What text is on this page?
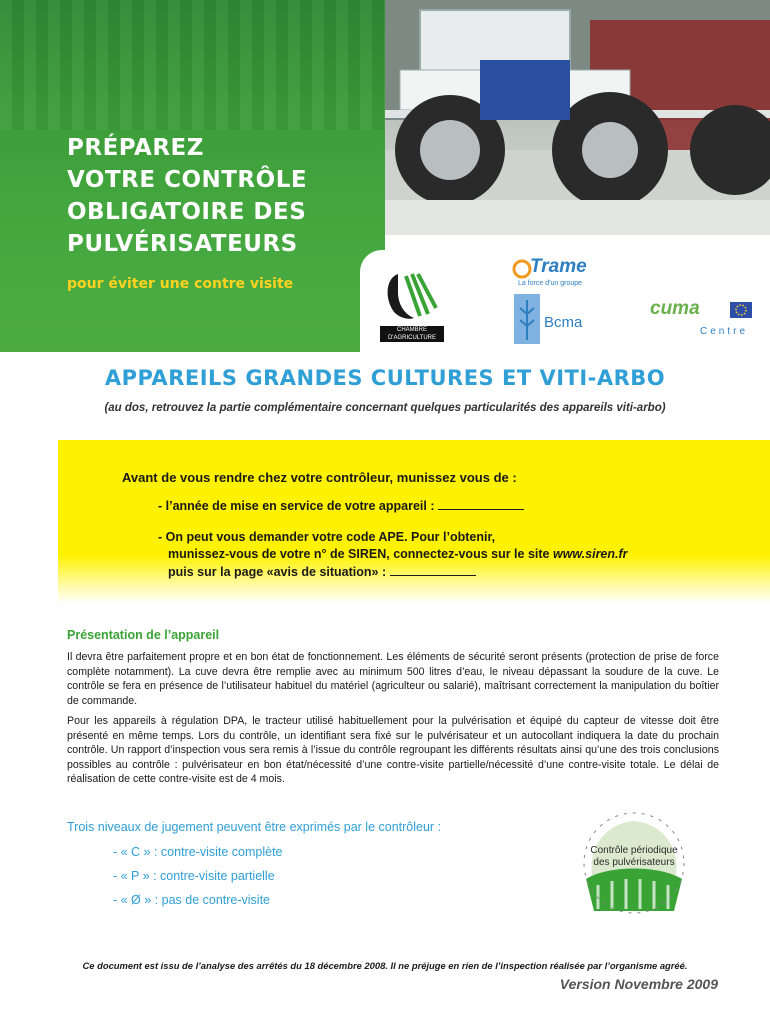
PRÉPAREZ
VOTRE CONTRÔLE
OBLIGATOIRE DES
PULVÉRISATEURS
pour éviter une contre visite
CHAMBRE D'AGRICULTURE
Trame
La force d'un groupe
Bcma
cuma
Centre
APPAREILS GRANDES CULTURES ET VITI-ARBO
(au dos, retrouvez la partie complémentaire concernant quelques particularités des appareils viti-arbo)
Avant de vous rendre chez votre contrôleur, munissez vous de :
- l’année de mise en service de votre appareil :
- On peut vous demander votre code APE. Pour l’obtenir,
munissez-vous de votre n° de SIREN, connectez-vous sur le site www.siren.fr
puis sur la page «avis de situation» :
Présentation de l’appareil

Il devra être parfaitement propre et en bon état de fonctionnement. Les éléments de sécurité seront présents (protection de prise de force complète notamment). La cuve devra être remplie avec au minimum 500 litres d’eau, le niveau dépassant la soudure de la cuve. Le contrôle se fera en présence de l’utilisateur habituel du matériel (agriculteur ou salarié), maîtrisant correctement la manipulation du boîtier de commande.

Pour les appareils à régulation DPA, le tracteur utilisé habituellement pour la pulvérisation et équipé du capteur de vitesse doit être présenté en même temps. Lors du contrôle, un identifiant sera fixé sur le pulvérisateur et un autocollant indiquera la date du prochain contrôle. Un rapport d’inspection vous sera remis à l’issue du contrôle regroupant les différents résultats ainsi qu’une des trois conclusions possibles au contrôle : pulvérisateur en bon état/nécessité d’une contre-visite partielle/nécessité d’une contre-visite totale. Le délai de réalisation de cette contre-visite est de 4 mois.

Trois niveaux de jugement peuvent être exprimés par le contrôleur :
- « C » : contre-visite complète
- « P » : contre-visite partielle
- « Ø » : pas de contre-visite
Contrôle périodique
des pulvérisateurs
Ce document est issu de l’analyse des arrêtés du 18 décembre 2008. Il ne préjuge en rien de l’inspection réalisée par l’organisme agréé.
Version Novembre 2009
